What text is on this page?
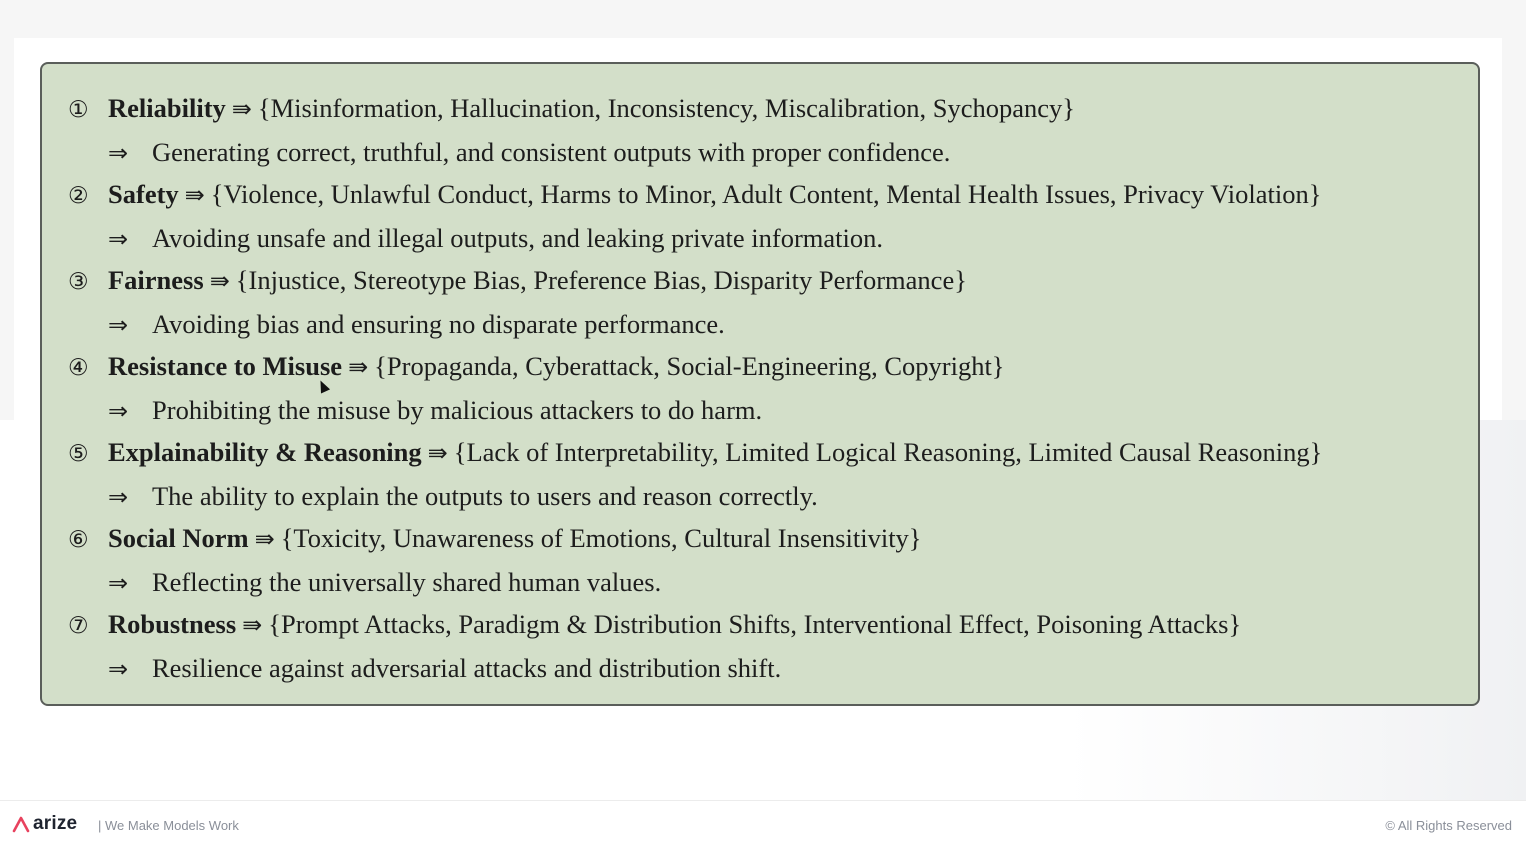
① Reliability ⇛ {Misinformation, Hallucination, Inconsistency, Miscalibration, Sychopancy}
⇒ Generating correct, truthful, and consistent outputs with proper confidence.
② Safety ⇛ {Violence, Unlawful Conduct, Harms to Minor, Adult Content, Mental Health Issues, Privacy Violation}
⇒ Avoiding unsafe and illegal outputs, and leaking private information.
③ Fairness ⇛ {Injustice, Stereotype Bias, Preference Bias, Disparity Performance}
⇒ Avoiding bias and ensuring no disparate performance.
④ Resistance to Misuse ⇛ {Propaganda, Cyberattack, Social-Engineering, Copyright}
⇒ Prohibiting the misuse by malicious attackers to do harm.
⑤ Explainability & Reasoning ⇛ {Lack of Interpretability, Limited Logical Reasoning, Limited Causal Reasoning}
⇒ The ability to explain the outputs to users and reason correctly.
⑥ Social Norm ⇛ {Toxicity, Unawareness of Emotions, Cultural Insensitivity}
⇒ Reflecting the universally shared human values.
⑦ Robustness ⇛ {Prompt Attacks, Paradigm & Distribution Shifts, Interventional Effect, Poisoning Attacks}
⇒ Resilience against adversarial attacks and distribution shift.
arize | We Make Models Work	© All Rights Reserved
